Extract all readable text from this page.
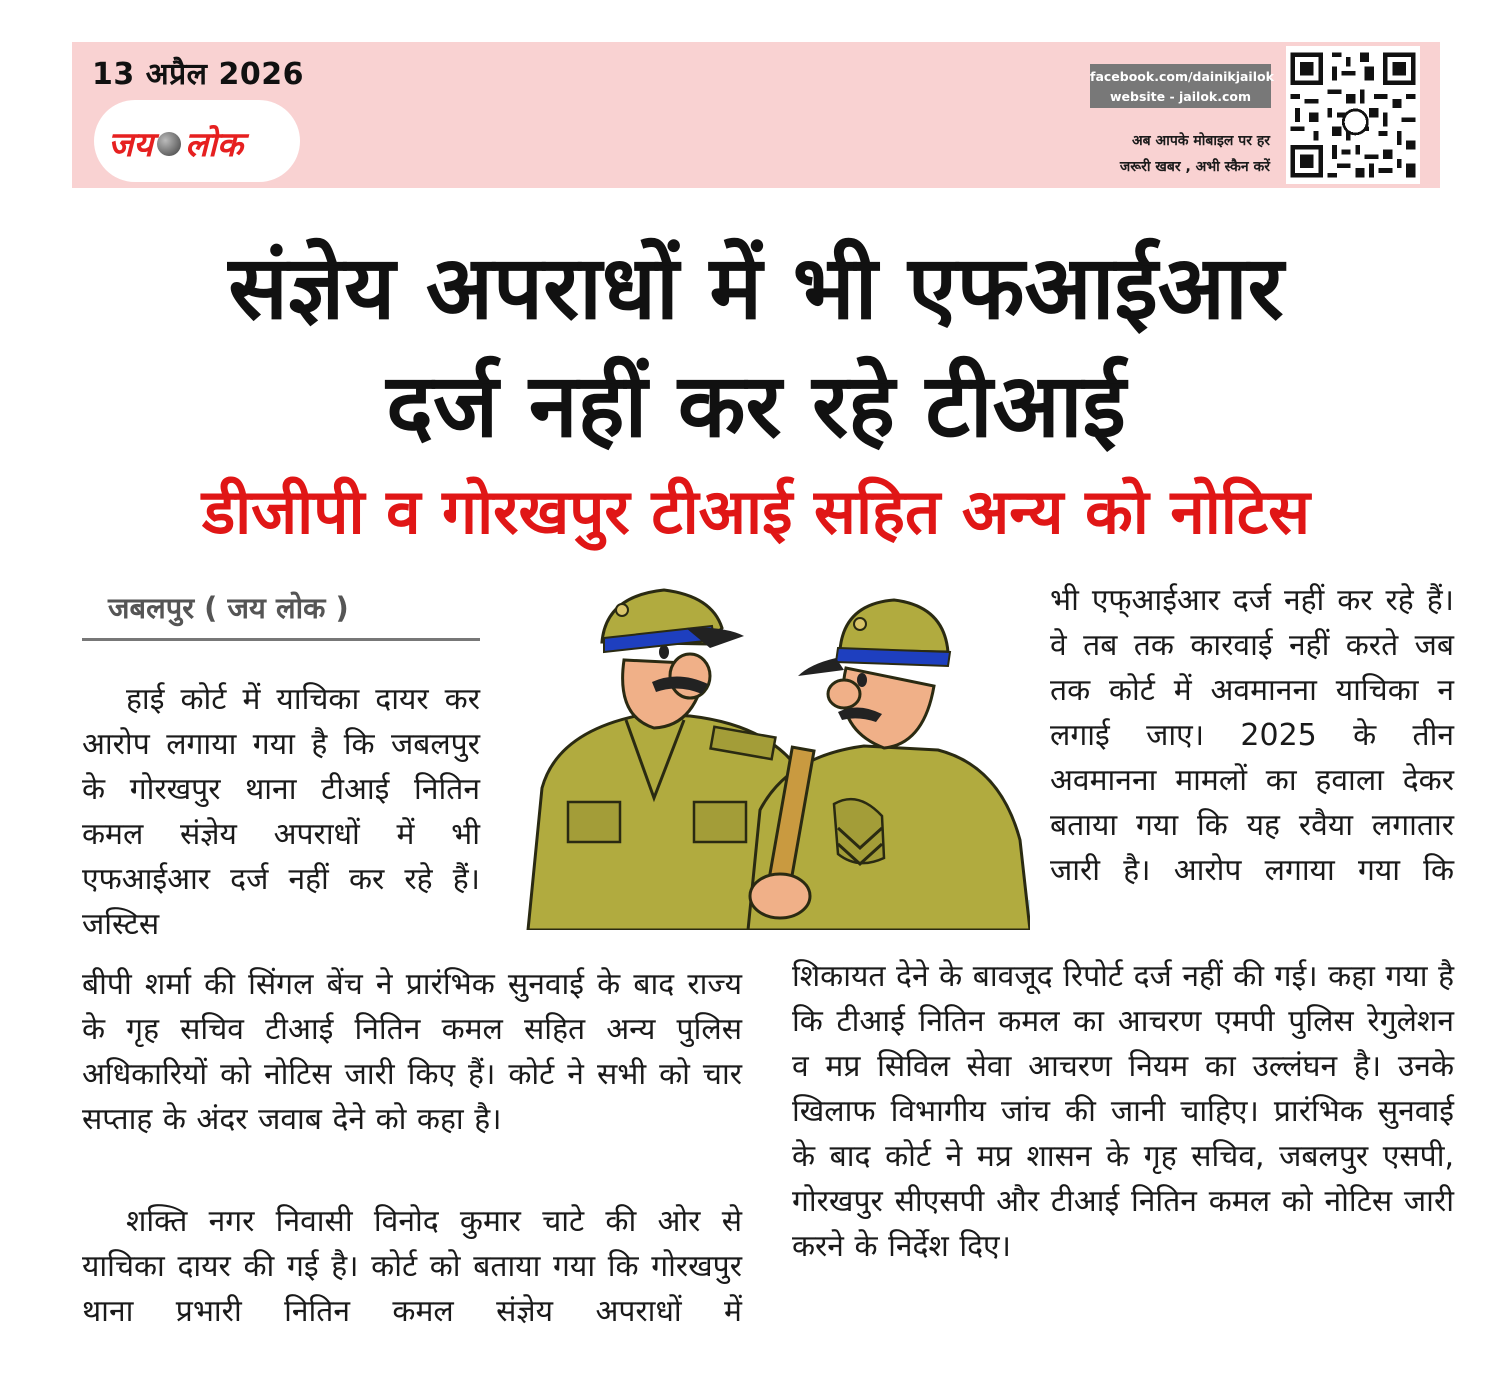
13 अप्रैल 2026
जय लोक
facebook.com/dainikjailok
website - jailok.com
अब आपके मोबाइल पर हर
जरूरी खबर , अभी स्कैन करें
संज्ञेय अपराधों में भी एफआईआर
दर्ज नहीं कर रहे टीआई
डीजीपी व गोरखपुर टीआई सहित अन्य को नोटिस
जबलपुर ( जय लोक )

हाई कोर्ट में याचिका दायर कर आरोप लगाया गया है कि जबलपुर के गोरखपुर थाना टीआई नितिन कमल संज्ञेय अपराधों में भी एफआईआर दर्ज नहीं कर रहे हैं। जस्टिस

बीपी शर्मा की सिंगल बेंच ने प्रारंभिक सुनवाई के बाद राज्य के गृह सचिव टीआई नितिन कमल सहित अन्य पुलिस अधिकारियों को नोटिस जारी किए हैं। कोर्ट ने सभी को चार सप्ताह के अंदर जवाब देने को कहा है।

शक्ति नगर निवासी विनोद कुमार चाटे की ओर से याचिका दायर की गई है। कोर्ट को बताया गया कि गोरखपुर थाना प्रभारी नितिन कमल संज्ञेय अपराधों में

भी एफ्आईआर दर्ज नहीं कर रहे हैं। वे तब तक कारवाई नहीं करते जब तक कोर्ट में अवमानना याचिका न लगाई जाए। 2025 के तीन अवमानना मामलों का हवाला देकर बताया गया कि यह रवैया लगातार जारी है। आरोप लगाया गया कि

शिकायत देने के बावजूद रिपोर्ट दर्ज नहीं की गई। कहा गया है कि टीआई नितिन कमल का आचरण एमपी पुलिस रेगुलेशन व मप्र सिविल सेवा आचरण नियम का उल्लंघन है। उनके खिलाफ विभागीय जांच की जानी चाहिए। प्रारंभिक सुनवाई के बाद कोर्ट ने मप्र शासन के गृह सचिव, जबलपुर एसपी, गोरखपुर सीएसपी और टीआई नितिन कमल को नोटिस जारी करने के निर्देश दिए।
